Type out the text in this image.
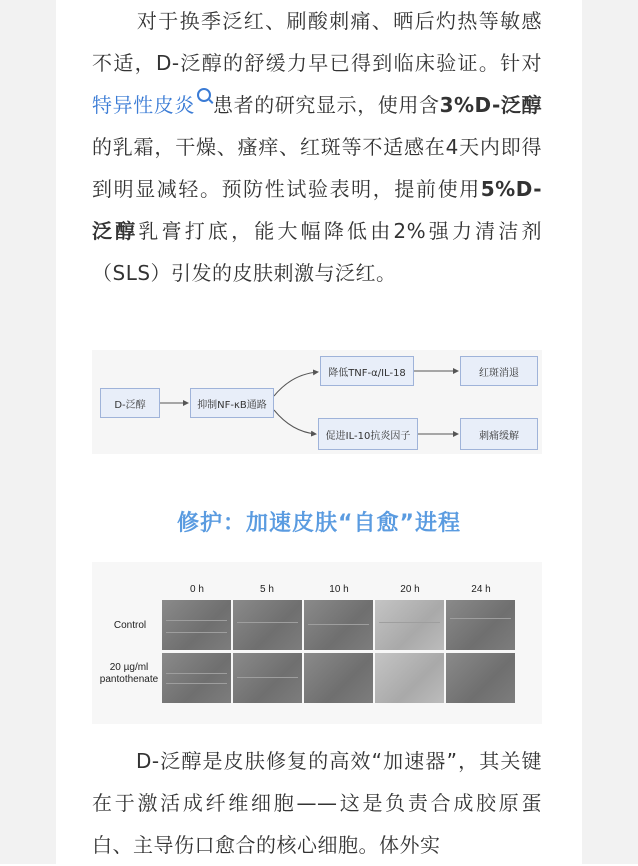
对于换季泛红、刷酸刺痛、晒后灼热等敏感不适，D-泛醇的舒缓力早已得到临床验证。针对特异性皮炎 患者的研究显示，使用含3%D-泛醇的乳霜，干燥、瘙痒、红斑等不适感在4天内即得到明显减轻。预防性试验表明，提前使用5%D-泛醇乳膏打底，能大幅降低由2%强力清洁剂（SLS）引发的皮肤刺激与泛红。

D-泛醇	抑制NF-κB通路
降低TNF-α/IL-18
促进IL-10抗炎因子
红斑消退
刺痛缓解
修护：加速皮肤“自愈”进程
0 h	5 h	10 h	20 h	24 h
Control
20 µg/ml
pantothenate

D-泛醇是皮肤修复的高效“加速器”，其关键在于激活成纤维细胞——这是负责合成胶原蛋白、主导伤口愈合的核心细胞。体外实
